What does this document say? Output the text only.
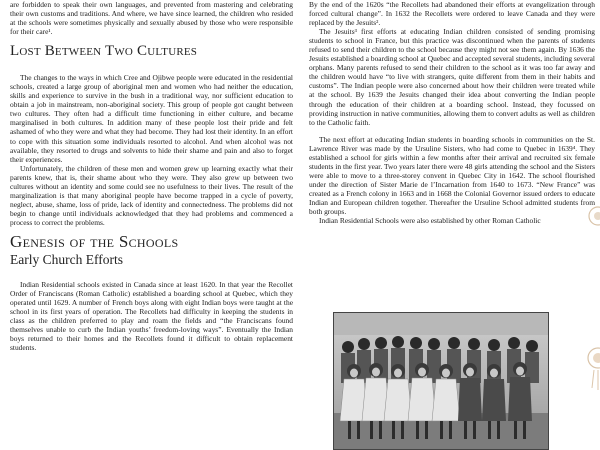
are forbidden to speak their own languages, and prevented from mastering and celebrating their own customs and traditions. And where, we have since learned, the children who resided at the schools were sometimes physically and sexually abused by those who were responsible for their care¹.

Lost Between Two Cultures

The changes to the ways in which Cree and Ojibwe people were educated in the residential schools, created a large group of aboriginal men and women who had neither the education, skills and experience to survive in the bush in a traditional way, nor sufficient education to obtain a job in mainstream, non-aboriginal society. This group of people got caught between two cultures. They often had a difficult time functioning in either culture, and became marginalised in both cultures. In addition many of these people lost their pride and felt ashamed of who they were and what they had become. They had lost their identity. In an effort to cope with this situation some individuals resorted to alcohol. And when alcohol was not available, they resorted to drugs and solvents to hide their shame and pain and also to forget their experiences.

Unfortunately, the children of these men and women grew up learning exactly what their parents knew, that is, their shame about who they were. They also grew up between two cultures without an identity and some could see no usefulness to their lives. The result of the marginalization is that many aboriginal people have become trapped in a cycle of poverty, neglect, abuse, shame, loss of pride, lack of identity and connectedness. The problems did not begin to change until individuals acknowledged that they had problems and commenced a process to correct the problems.

Genesis of the Schools
Early Church Efforts

Indian Residential schools existed in Canada since at least 1620. In that year the Recollet Order of Franciscans (Roman Catholic) established a boarding school at Quebec, which they operated until 1629. A number of French boys along with eight Indian boys were taught at the school in its first years of operation. The Recollets had difficulty in keeping the students in class as the children preferred to play and roam the fields and “the Franciscans found themselves unable to curb the Indian youths’ freedom-loving ways”. Eventually the Indian boys returned to their homes and the Recollets found it difficult to obtain replacement students.

By the end of the 1620s “the Recollets had abandoned their efforts at evangelization through forced cultural change”. In 1632 the Recollets were ordered to leave Canada and they were replaced by the Jesuits².

The Jesuits³ first efforts at educating Indian children consisted of sending promising students to school in France, but this practice was discontinued when the parents of students refused to send their children to the school because they might not see them again. By 1636 the Jesuits established a boarding school at Quebec and accepted several students, including several orphans. Many parents refused to send their children to the school as it was too far away and the children would have “to live with strangers, quite different from them in their habits and customs”. The Indian people were also concerned about how their children were treated while at the school. By 1639 the Jesuits changed their idea about converting the Indian people through the education of their children at a boarding school. Instead, they focussed on providing instruction in native communities, allowing them to convert adults as well as children to the Catholic faith.

The next effort at educating Indian students in boarding schools in communities on the St. Lawrence River was made by the Ursuline Sisters, who had come to Quebec in 1639⁴. They established a school for girls within a few months after their arrival and recruited six female students in the first year. Two years later there were 48 girls attending the school and the Sisters were able to move to a three-storey convent in Quebec City in 1642. The school flourished under the direction of Sister Marie de l’Incarnation from 1640 to 1673. “New France” was created as a French colony in 1663 and in 1668 the Colonial Governor issued orders to educate Indian and European children together. Thereafter the Ursuline School admitted students from both groups.

Indian Residential Schools were also established by other Roman Catholic
